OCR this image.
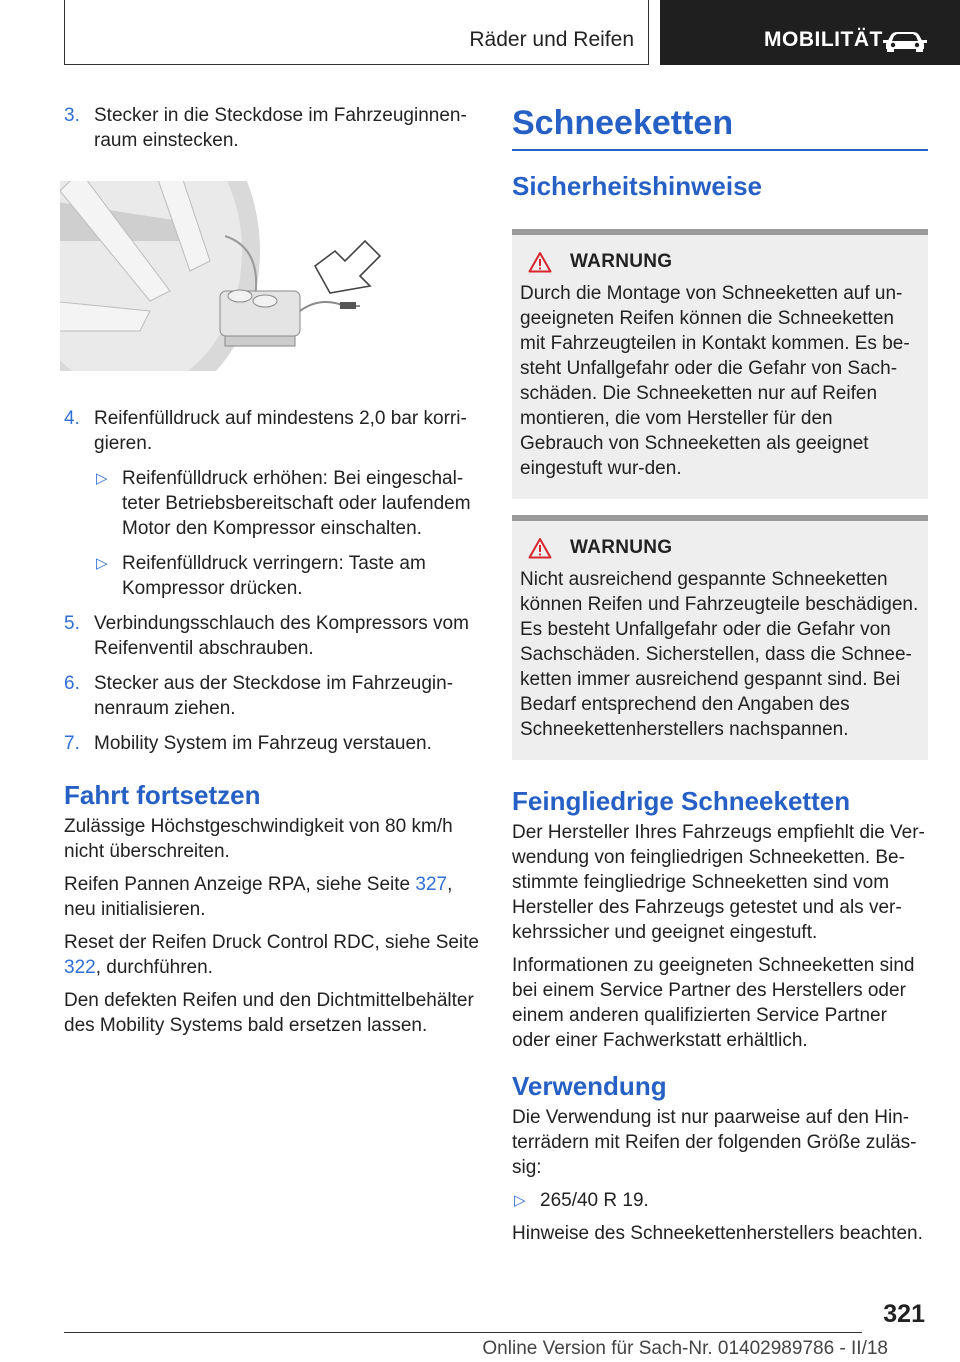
Räder und Reifen	MOBILITÄT
3. Stecker in die Steckdose im Fahrzeuginnen-raum einstecken.
4. Reifenfülldruck auf mindestens 2,0 bar korri-gieren.
▷ Reifenfülldruck erhöhen: Bei eingeschal-teter Betriebsbereitschaft oder laufendem Motor den Kompressor einschalten.
▷ Reifenfülldruck verringern: Taste am Kompressor drücken.
5. Verbindungsschlauch des Kompressors vom Reifenventil abschrauben.
6. Stecker aus der Steckdose im Fahrzeugin-nenraum ziehen.
7. Mobility System im Fahrzeug verstauen.
Fahrt fortsetzen

Zulässige Höchstgeschwindigkeit von 80 km/h nicht überschreiten.

Reifen Pannen Anzeige RPA, siehe Seite 327, neu initialisieren.

Reset der Reifen Druck Control RDC, siehe Seite 322, durchführen.

Den defekten Reifen und den Dichtmittelbehälter des Mobility Systems bald ersetzen lassen.

Schneeketten
Sicherheitshinweise
WARNUNG

Durch die Montage von Schneeketten auf un-geeigneten Reifen können die Schneeketten mit Fahrzeugteilen in Kontakt kommen. Es be-steht Unfallgefahr oder die Gefahr von Sach-schäden. Die Schneeketten nur auf Reifen montieren, die vom Hersteller für den Gebrauch von Schneeketten als geeignet eingestuft wur-den.

WARNUNG

Nicht ausreichend gespannte Schneeketten können Reifen und Fahrzeugteile beschädigen. Es besteht Unfallgefahr oder die Gefahr von Sachschäden. Sicherstellen, dass die Schnee-ketten immer ausreichend gespannt sind. Bei Bedarf entsprechend den Angaben des Schneekettenherstellers nachspannen.

Feingliedrige Schneeketten

Der Hersteller Ihres Fahrzeugs empfiehlt die Ver-wendung von feingliedrigen Schneeketten. Be-stimmte feingliedrige Schneeketten sind vom Hersteller des Fahrzeugs getestet und als ver-kehrssicher und geeignet eingestuft.

Informationen zu geeigneten Schneeketten sind bei einem Service Partner des Herstellers oder einem anderen qualifizierten Service Partner oder einer Fachwerkstatt erhältlich.

Verwendung

Die Verwendung ist nur paarweise auf den Hin-terrädern mit Reifen der folgenden Größe zuläs-sig:

▷ 265/40 R 19.

Hinweise des Schneekettenherstellers beachten.

321
Online Version für Sach-Nr. 01402989786 - II/18
